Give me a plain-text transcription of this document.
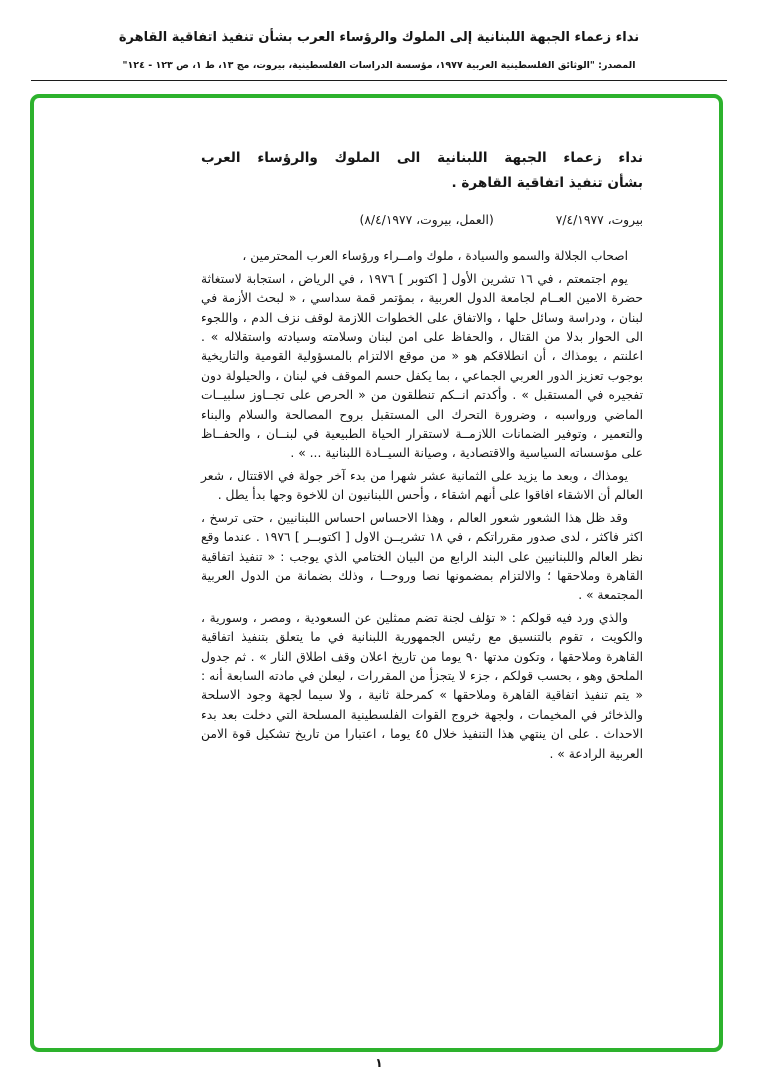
نداء زعماء الجبهة اللبنانية إلى الملوك والرؤساء العرب بشأن تنفيذ اتفاقية القاهرة
المصدر: "الوثائق الفلسطينية العربية ١٩٧٧، مؤسسة الدراسات الفلسطينية، بيروت، مج ١٣، ط ١، ص ١٢٣ - ١٢٤"
نداء زعماء الجبهة اللبنانية الى الملوك والرؤساء العرب
بشأن تنفيذ اتفاقية القاهرة .
بيروت، ٧/٤/١٩٧٧
(العمل، بيروت، ٨/٤/١٩٧٧)

اصحاب الجلالة والسمو والسيادة ، ملوك وامــراء ورؤساء العرب المحترمين ،

يوم اجتمعتم ، في ١٦ تشرين الأول [ اكتوبر ] ١٩٧٦ ، في الرياض ، استجابة لاستغاثة حضرة الامين العــام لجامعة الدول العربية ، بمؤتمر قمة سداسي ، « لبحث الأزمة في لبنان ، ودراسة وسائل حلها ، والاتفاق على الخطوات اللازمة لوقف نزف الدم ، واللجوء الى الحوار بدلا من القتال ، والحفاظ على امن لبنان وسلامته وسيادته واستقلاله » . اعلنتم ، يومذاك ، أن انطلاقكم هو « من موقع الالتزام بالمسؤولية القومية والتاريخية بوجوب تعزيز الدور العربي الجماعي ، بما يكفل حسم الموقف في لبنان ، والحيلولة دون تفجيره في المستقبل » . وأكدتم انــكم تنطلقون من « الحرص على تجــاوز سلبيــات الماضي ورواسبه ، وضرورة التحرك الى المستقبل بروح المصالحة والسلام والبناء والتعمير ، وتوفير الضمانات اللازمــة لاستقرار الحياة الطبيعية في لبنــان ، والحفــاظ على مؤسساته السياسية والاقتصادية ، وصيانة السيــادة اللبنانية ... » .

يومذاك ، وبعد ما يزيد على الثمانية عشر شهرا من بدء آخر جولة في الاقتتال ، شعر العالم أن الاشقاء افاقوا على أنهم اشقاء ، وأحس اللبنانيون ان للاخوة وجها بدأ يطل .

وقد ظل هذا الشعور شعور العالم ، وهذا الاحساس احساس اللبنانيين ، حتى ترسخ ، اكثر فاكثر ، لدى صدور مقرراتكم ، في ١٨ تشريــن الاول [ اكتوبــر ] ١٩٧٦ . عندما وقع نظر العالم واللبنانيين على البند الرابع من البيان الختامي الذي يوجب : « تنفيذ اتفاقية القاهرة وملاحقها ؛ والالتزام بمضمونها نصا وروحــا ، وذلك بضمانة من الدول العربية المجتمعة » .

والذي ورد فيه قولكم : « تؤلف لجنة تضم ممثلين عن السعودية ، ومصر ، وسورية ، والكويت ، تقوم بالتنسيق مع رئيس الجمهورية اللبنانية في ما يتعلق بتنفيذ اتفاقية القاهرة وملاحقها ، وتكون مدتها ٩٠ يوما من تاريخ اعلان وقف اطلاق النار » . ثم جدول الملحق وهو ، بحسب قولكم ، جزء لا يتجزأ من المقررات ، ليعلن في مادته السابعة أنه : « يتم تنفيذ اتفاقية القاهرة وملاحقها » كمرحلة ثانية ، ولا سيما لجهة وجود الاسلحة والذخائر في المخيمات ، ولجهة خروج القوات الفلسطينية المسلحة التي دخلت بعد بدء الاحداث . على ان ينتهي هذا التنفيذ خلال ٤٥ يوما ، اعتبارا من تاريخ تشكيل قوة الامن العربية الرادعة » .

١
